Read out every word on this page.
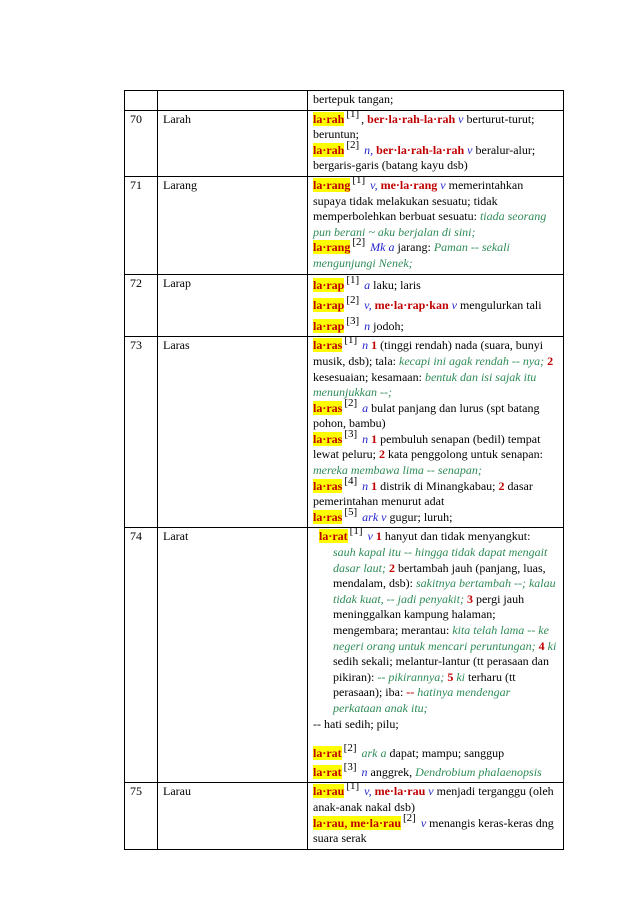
		bertepuk tangan;
70	Larah	la·rah [1] , ber·la·rah-la·rah v berturut-turut; beruntun;
la·rah [2] n, ber·la·rah-la·rah v beralur-alur; bergaris-garis (batang kayu dsb)

71	Larang	la·rang [1] v, me·la·rang v memerintahkan supaya tidak melakukan sesuatu; tidak memperbolehkan berbuat sesuatu: tiada seorang pun berani ~ aku berjalan di sini;
la·rang [2] Mk a jarang: Paman -- sekali mengunjungi Nenek;

72	Larap	la·rap [1] a laku; laris
la·rap [2] v, me·la·rap·kan v mengulurkan tali
la·rap [3] n jodoh;

73	Laras	la·ras [1] n 1 (tinggi rendah) nada (suara, bunyi musik, dsb); tala: kecapi ini agak rendah -- nya; 2 kesesuaian; kesamaan: bentuk dan isi sajak itu menunjukkan --;
la·ras [2] a bulat panjang dan lurus (spt batang pohon, bambu)
la·ras [3] n 1 pembuluh senapan (bedil) tempat lewat peluru; 2 kata penggolong untuk senapan: mereka membawa lima -- senapan;
la·ras [4] n 1 distrik di Minangkabau; 2 dasar pemerintahan menurut adat
la·ras [5] ark v gugur; luruh;

74	Larat	la·rat [1] v 1 hanyut dan tidak menyangkut:
sauh kapal itu -- hingga tidak dapat mengait dasar laut; 2 bertambah jauh (panjang, luas, mendalam, dsb): sakitnya bertambah --; kalau tidak kuat, -- jadi penyakit; 3 pergi jauh meninggalkan kampung halaman; mengembara; merantau: kita telah lama -- ke negeri orang untuk mencari peruntungan; 4 ki sedih sekali; melantur-lantur (tt perasaan dan pikiran): -- pikirannya; 5 ki terharu (tt perasaan); iba: -- hatinya mendengar perkataan anak itu;
-- hati sedih; pilu;
la·rat [2] ark a dapat; mampu; sanggup
la·rat [3] n anggrek, Dendrobium phalaenopsis

75	Larau	la·rau [1] v, me·la·rau v menjadi terganggu (oleh anak-anak nakal dsb)
la·rau, me·la·rau [2] v menangis keras-keras dng suara serak
